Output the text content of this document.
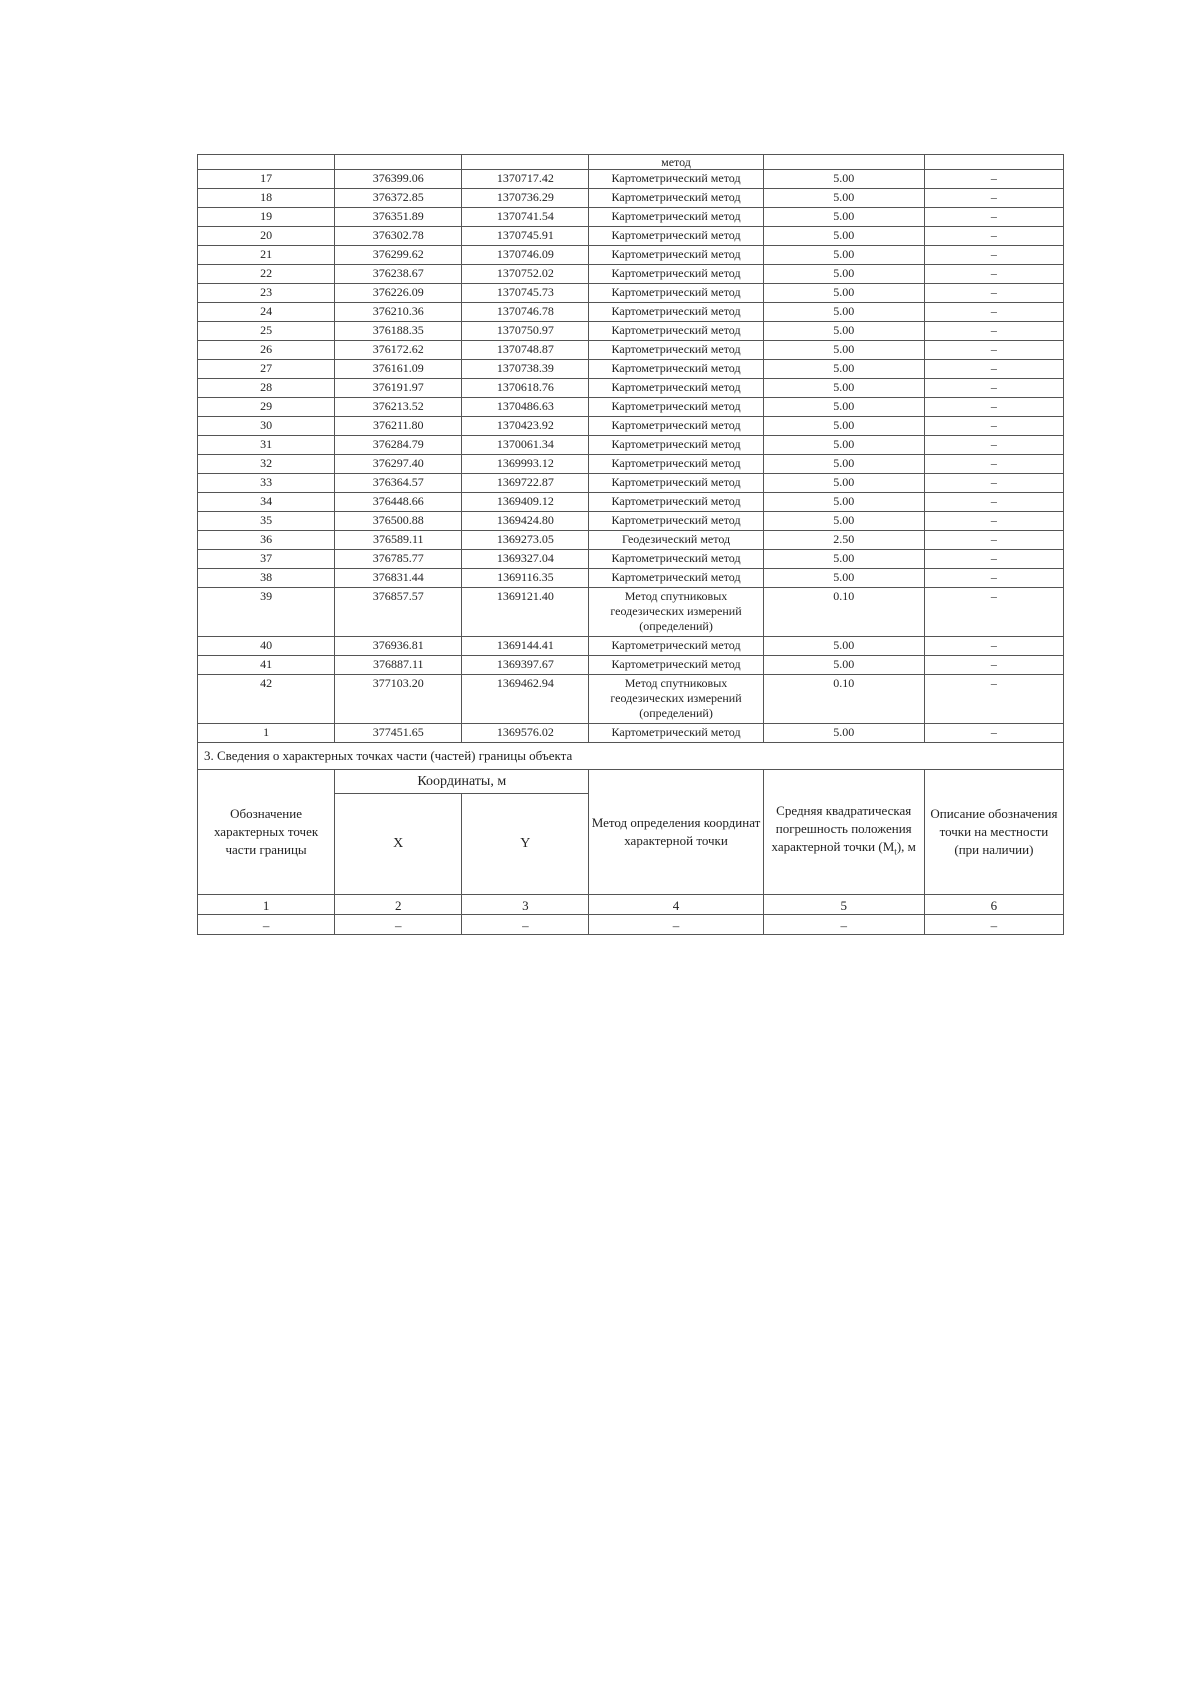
			метод		
17	376399.06	1370717.42	Картометрический метод	5.00	–
18	376372.85	1370736.29	Картометрический метод	5.00	–
19	376351.89	1370741.54	Картометрический метод	5.00	–
20	376302.78	1370745.91	Картометрический метод	5.00	–
21	376299.62	1370746.09	Картометрический метод	5.00	–
22	376238.67	1370752.02	Картометрический метод	5.00	–
23	376226.09	1370745.73	Картометрический метод	5.00	–
24	376210.36	1370746.78	Картометрический метод	5.00	–
25	376188.35	1370750.97	Картометрический метод	5.00	–
26	376172.62	1370748.87	Картометрический метод	5.00	–
27	376161.09	1370738.39	Картометрический метод	5.00	–
28	376191.97	1370618.76	Картометрический метод	5.00	–
29	376213.52	1370486.63	Картометрический метод	5.00	–
30	376211.80	1370423.92	Картометрический метод	5.00	–
31	376284.79	1370061.34	Картометрический метод	5.00	–
32	376297.40	1369993.12	Картометрический метод	5.00	–
33	376364.57	1369722.87	Картометрический метод	5.00	–
34	376448.66	1369409.12	Картометрический метод	5.00	–
35	376500.88	1369424.80	Картометрический метод	5.00	–
36	376589.11	1369273.05	Геодезический метод	2.50	–
37	376785.77	1369327.04	Картометрический метод	5.00	–
38	376831.44	1369116.35	Картометрический метод	5.00	–
39	376857.57	1369121.40	Метод спутниковых геодезических измерений (определений)	0.10	–
40	376936.81	1369144.41	Картометрический метод	5.00	–
41	376887.11	1369397.67	Картометрический метод	5.00	–
42	377103.20	1369462.94	Метод спутниковых геодезических измерений (определений)	0.10	–
1	377451.65	1369576.02	Картометрический метод	5.00	–
3. Сведения о характерных точках части (частей) границы объекта					
Обозначение характерных точек части границы	Координаты, м		Метод определения координат характерной точки	Средняя квадратическая погрешность положения характерной точки $(M_t)$, м	Описание обозначения точки на местности (при наличии)
	X	Y			
1	2	3	4	5	6
–	–	–	–	–	–
